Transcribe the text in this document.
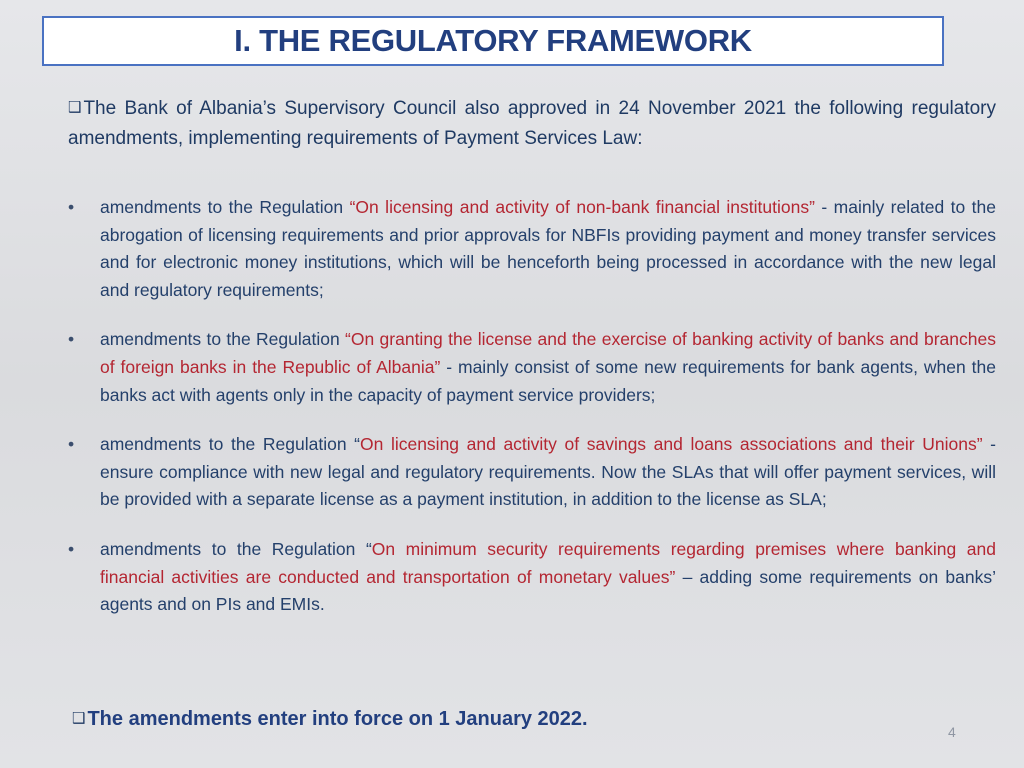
I. THE REGULATORY FRAMEWORK
❑ The Bank of Albania’s Supervisory Council also approved in 24 November 2021 the following regulatory amendments, implementing requirements of Payment Services Law:
•	amendments to the Regulation “On licensing and activity of non-bank financial institutions” - mainly related to the abrogation of licensing requirements and prior approvals for NBFIs providing payment and money transfer services and for electronic money institutions, which will be henceforth being processed in accordance with the new legal and regulatory requirements;
•	amendments to the Regulation “On granting the license and the exercise of banking activity of banks and branches of foreign banks in the Republic of Albania” - mainly consist of some new requirements for bank agents, when the banks act with agents only in the capacity of payment service providers;
•	amendments to the Regulation “On licensing and activity of savings and loans associations and their Unions” - ensure compliance with new legal and regulatory requirements. Now the SLAs that will offer payment services, will be provided with a separate license as a payment institution, in addition to the license as SLA;
•	amendments to the Regulation “On minimum security requirements regarding premises where banking and financial activities are conducted and transportation of monetary values” – adding some requirements on banks’ agents and on PIs and EMIs.
❑ The amendments enter into force on 1 January 2022.
4
